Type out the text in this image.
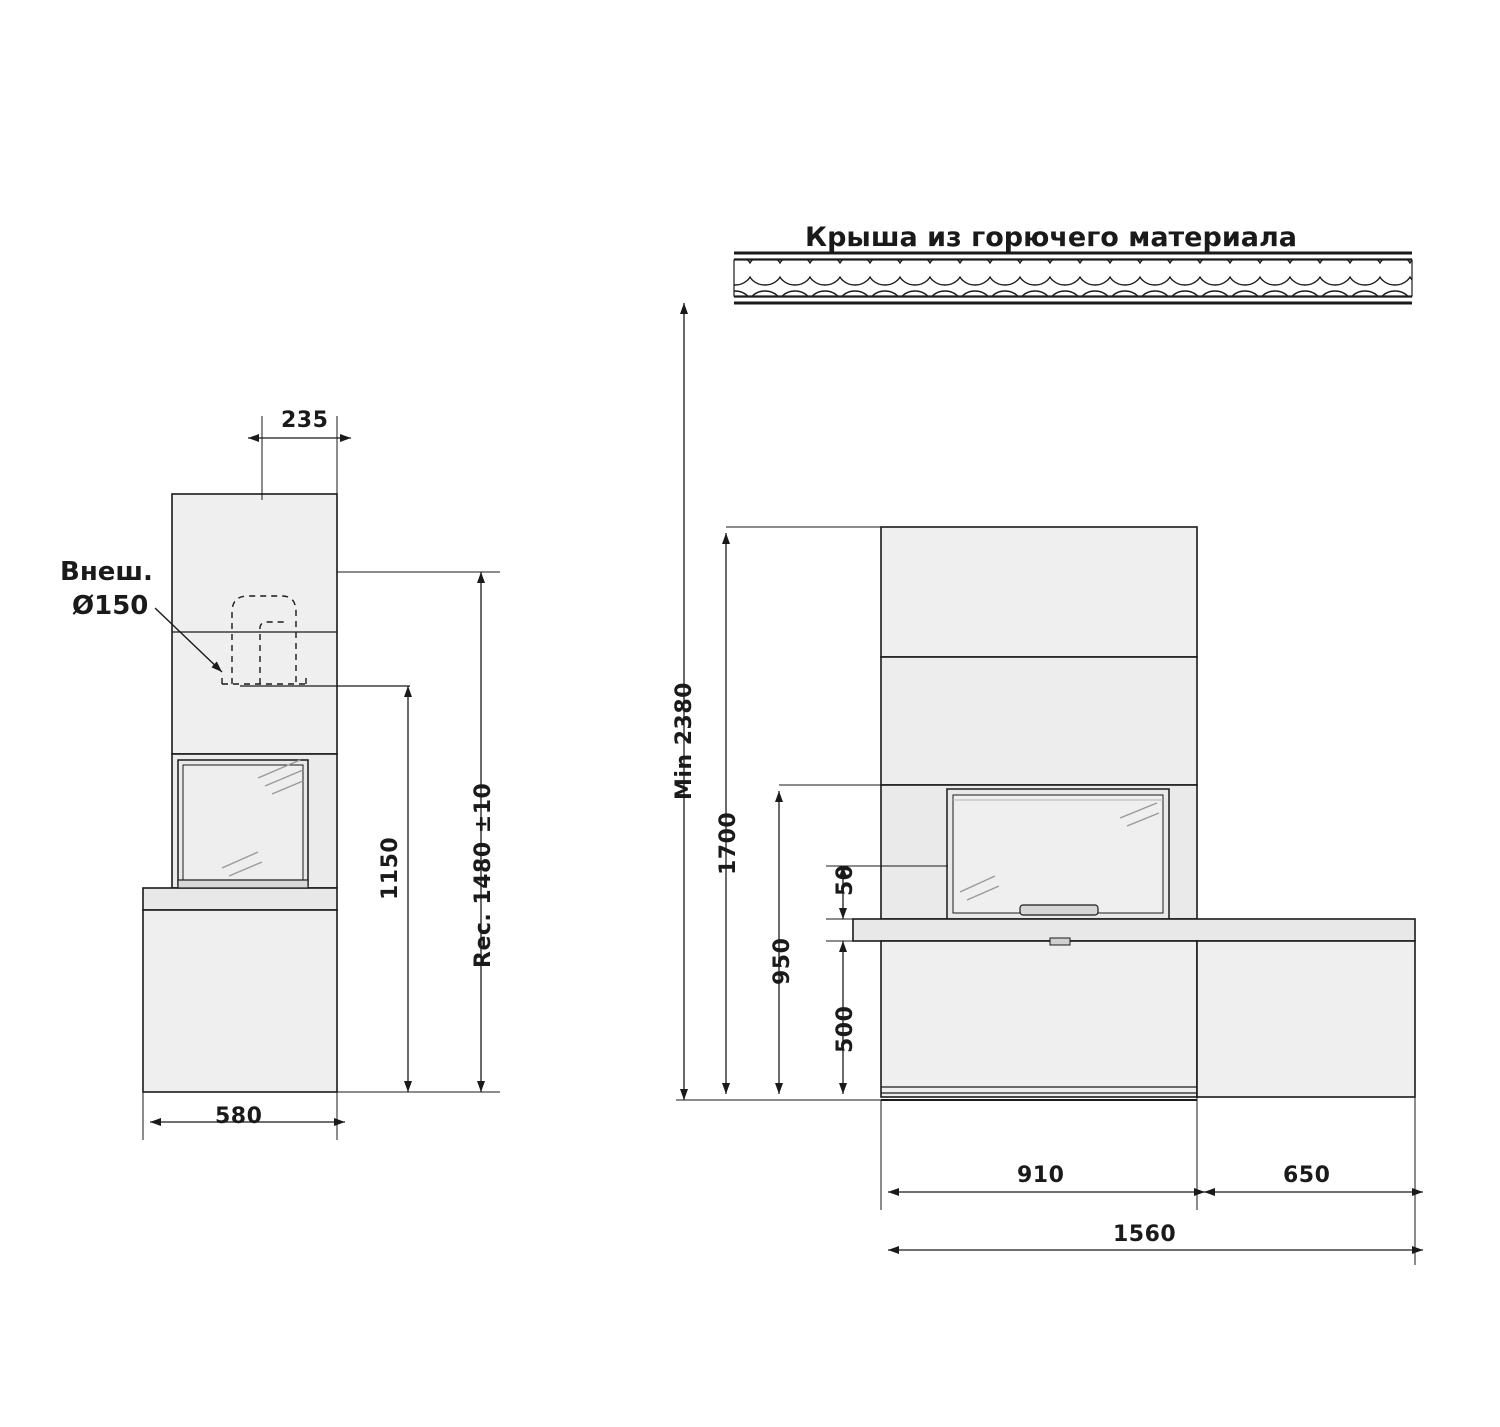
Крыша из горючего материала
Внеш.
Ø150
235
1150	Rec. 1480 ±10
580
Min 2380
1700
950
50
500
910	650
1560
